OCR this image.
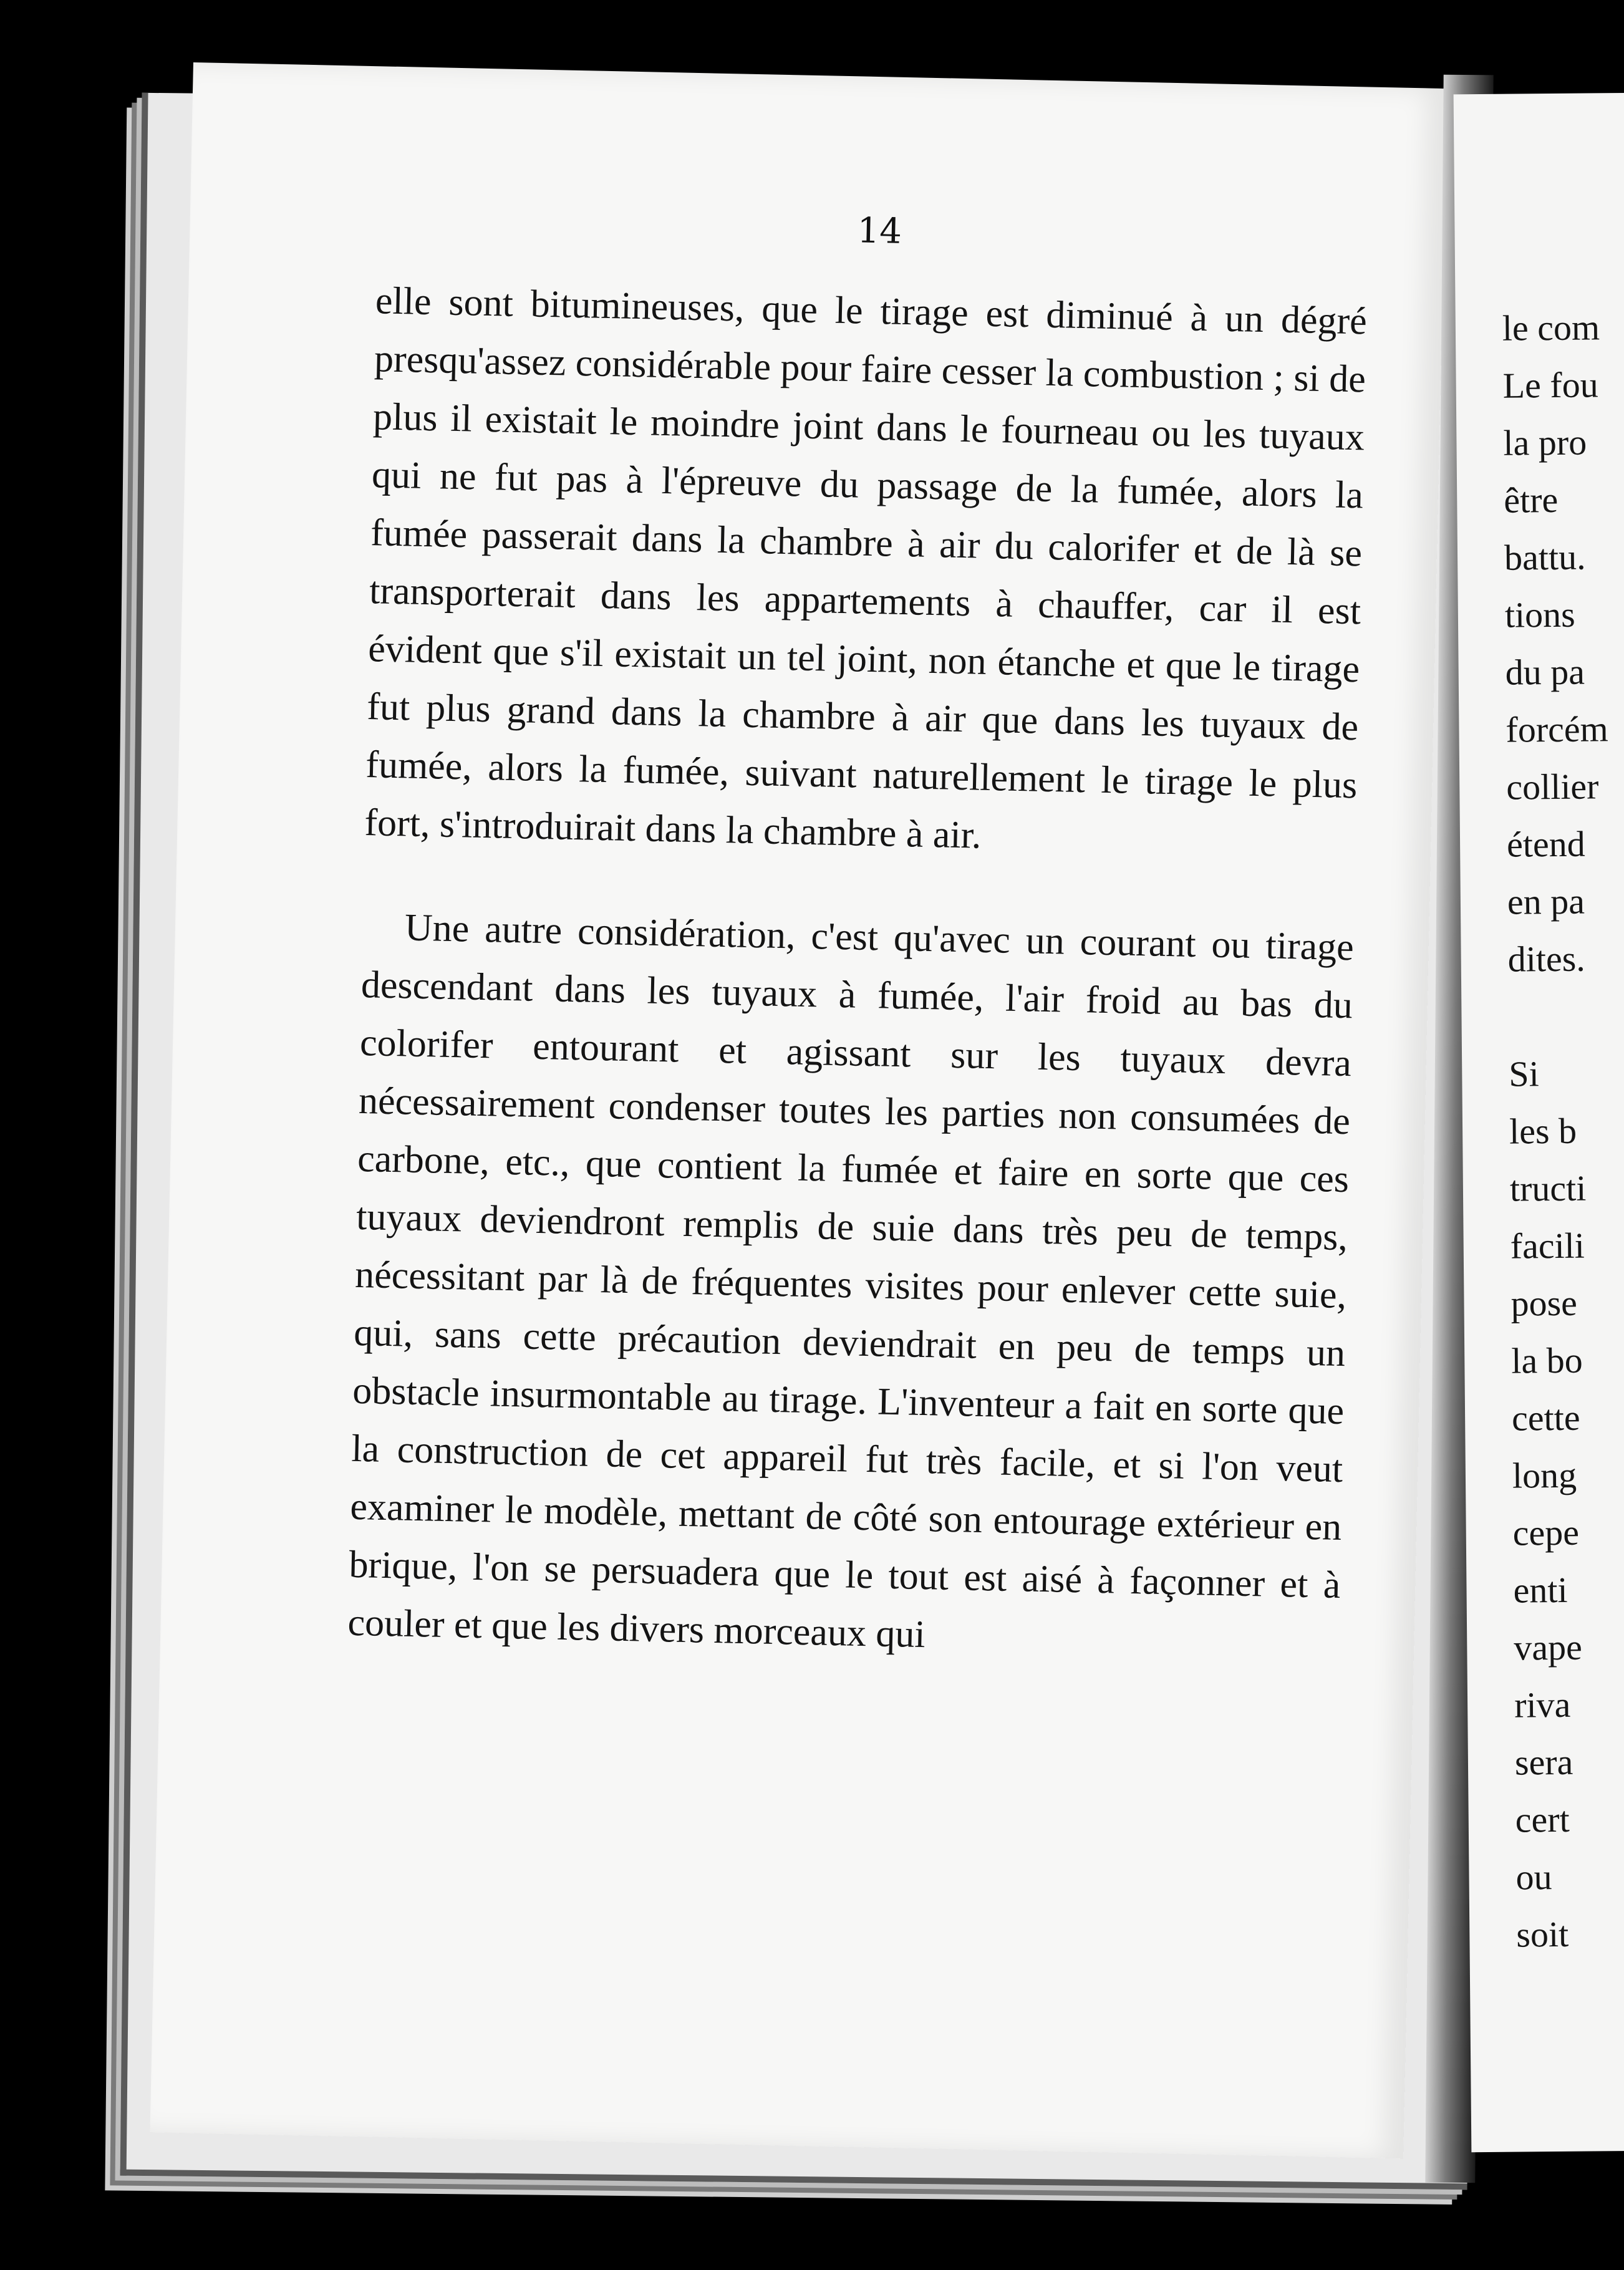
14

elle sont bitumineuses, que le tirage est diminué à un dégré presqu'assez considérable pour faire cesser la combustion ; si de plus il existait le moindre joint dans le fourneau ou les tuyaux qui ne fut pas à l'épreuve du passage de la fumée, alors la fumée passerait dans la chambre à air du calorifer et de là se transporterait dans les appartements à chauffer, car il est évident que s'il existait un tel joint, non étanche et que le tirage fut plus grand dans la chambre à air que dans les tuyaux de fumée, alors la fumée, suivant naturellement le tirage le plus fort, s'introduirait dans la chambre à air.

Une autre considération, c'est qu'avec un courant ou tirage descendant dans les tuyaux à fumée, l'air froid au bas du colorifer entourant et agissant sur les tuyaux devra nécessairement condenser toutes les parties non consumées de carbone, etc., que contient la fumée et faire en sorte que ces tuyaux deviendront remplis de suie dans très peu de temps, nécessitant par là de fréquentes visites pour enlever cette suie, qui, sans cette précaution deviendrait en peu de temps un obstacle insurmontable au tirage. L'inventeur a fait en sorte que la construction de cet appareil fut très facile, et si l'on veut examiner le modèle, mettant de côté son entourage extérieur en brique, l'on se persuadera que le tout est aisé à façonner et à couler et que les divers morceaux qui

le com
Le fou
la pro
être
battu.
tions
du pa
forcém
collier
étend
en pa
dites.
Si
les b
tructi
facili
pose
la bo
cette
long
cepe
enti
vape
riva
sera
cert
ou
soit
